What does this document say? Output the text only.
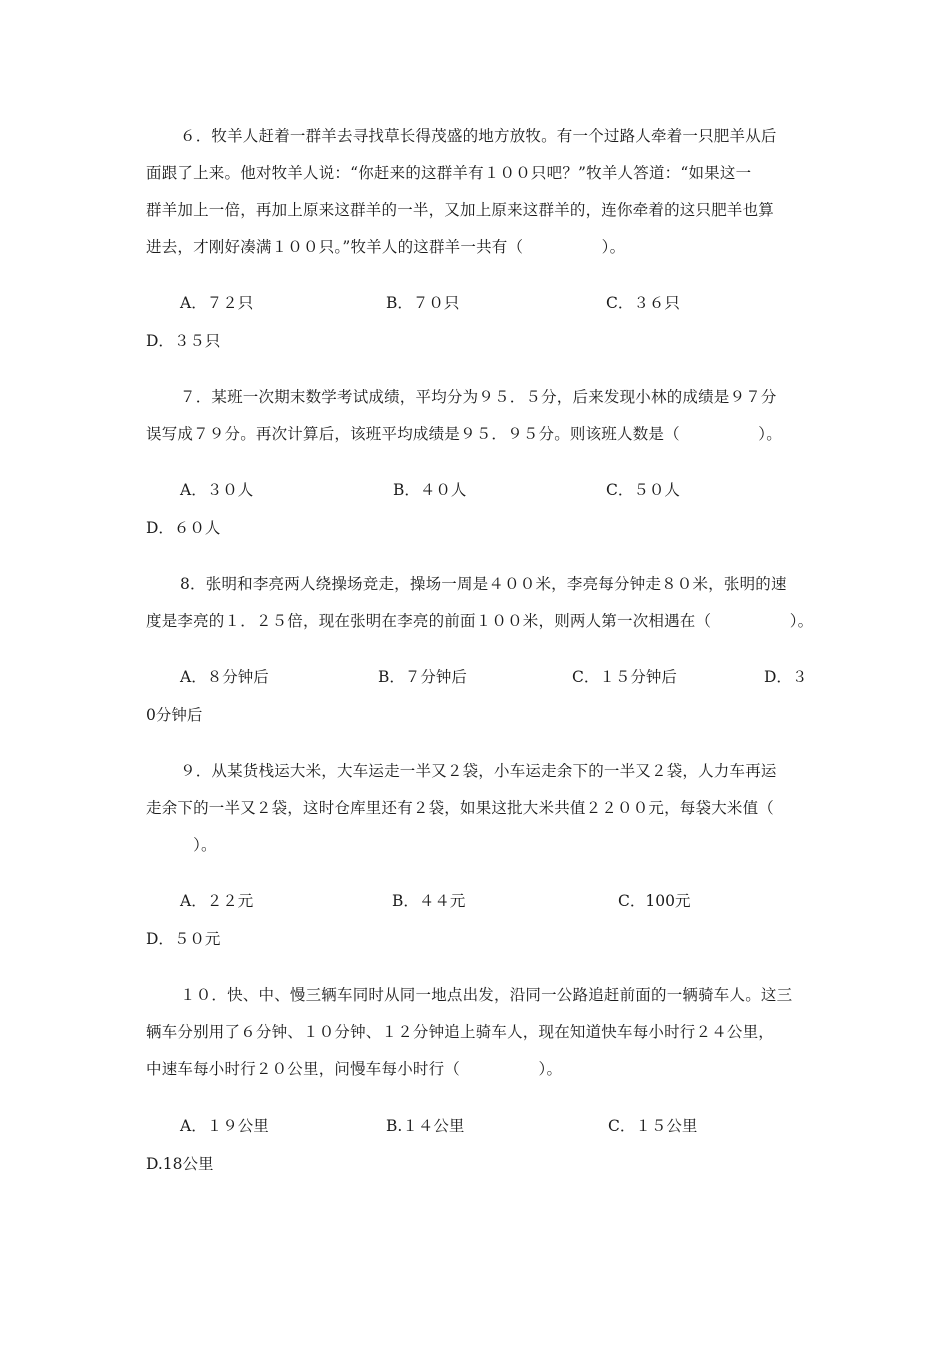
６．牧羊人赶着一群羊去寻找草长得茂盛的地方放牧。有一个过路人牵着一只肥羊从后
面跟了上来。他对牧羊人说：“你赶来的这群羊有１００只吧？”牧羊人答道：“如果这一
群羊加上一倍，再加上原来这群羊的一半，又加上原来这群羊的，连你牵着的这只肥羊也算
进去，才刚好凑满１００只。”牧羊人的这群羊一共有（　　　　　）。
A．７２只	B．７０只	C．３６只
D．３５只
７．某班一次期末数学考试成绩，平均分为９５．５分，后来发现小林的成绩是９７分
误写成７９分。再次计算后，该班平均成绩是９５．９５分。则该班人数是（　　　　　）。
A．３０人	B．４０人	C．５０人
D．６０人
8．张明和李亮两人绕操场竞走，操场一周是４００米，李亮每分钟走８０米，张明的速
度是李亮的１．２５倍，现在张明在李亮的前面１００米，则两人第一次相遇在（　　　　　）。
A．８分钟后	B．７分钟后	C．１５分钟后	D．３
0分钟后
９．从某货栈运大米，大车运走一半又２袋，小车运走余下的一半又２袋，人力车再运
走余下的一半又２袋，这时仓库里还有２袋，如果这批大米共值２２００元，每袋大米值（
　　　）。
A．２２元	B．４４元	C．100元
D．５０元
１０．快、中、慢三辆车同时从同一地点出发，沿同一公路追赶前面的一辆骑车人。这三
辆车分别用了６分钟、１０分钟、１２分钟追上骑车人，现在知道快车每小时行２４公里，
中速车每小时行２０公里，问慢车每小时行（　　　　　）。
A．１９公里	B.１４公里	C．１５公里
D.18公里
